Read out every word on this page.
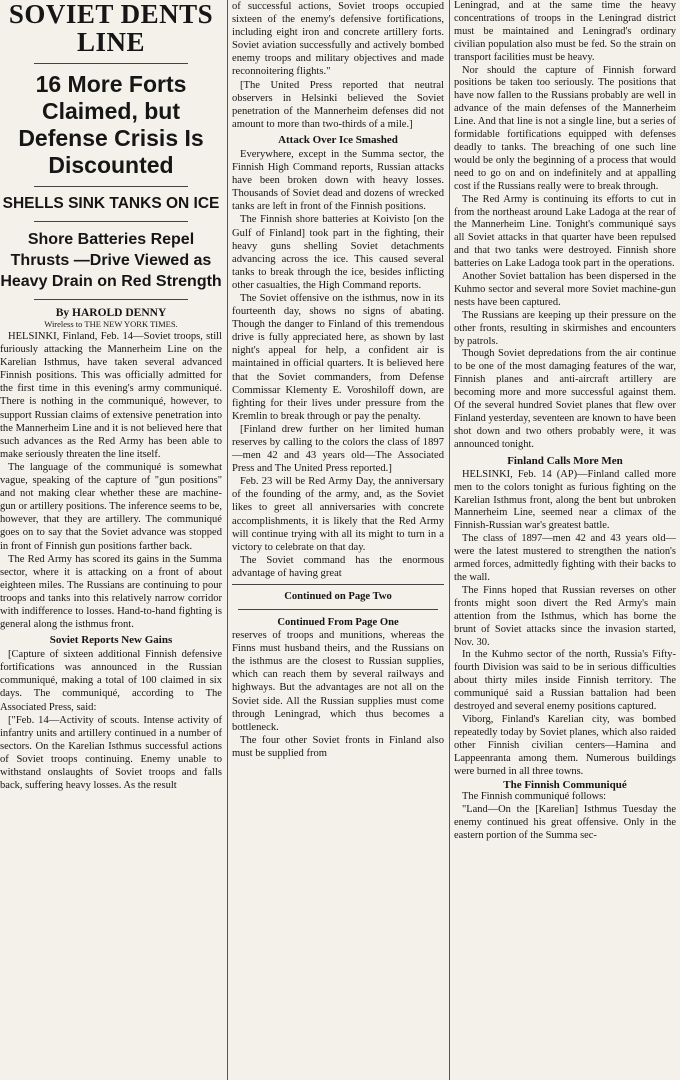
SOVIET DENTS LINE
16 More Forts Claimed, but Defense Crisis Is Discounted
SHELLS SINK TANKS ON ICE
Shore Batteries Repel Thrusts —Drive Viewed as Heavy Drain on Red Strength
By HAROLD DENNY
Wireless to THE NEW YORK TIMES.

HELSINKI, Finland, Feb. 14—Soviet troops, still furiously attacking the Mannerheim Line on the Karelian Isthmus, have taken several advanced Finnish positions. This was officially admitted for the first time in this evening's army communiqué. There is nothing in the communiqué, however, to support Russian claims of extensive penetration into the Mannerheim Line and it is not believed here that such advances as the Red Army has been able to make seriously threaten the line itself.

The language of the communiqué is somewhat vague, speaking of the capture of "gun positions" and not making clear whether these are machine-gun or artillery positions. The inference seems to be, however, that they are artillery. The communiqué goes on to say that the Soviet advance was stopped in front of Finnish gun positions farther back.

The Red Army has scored its gains in the Summa sector, where it is attacking on a front of about eighteen miles. The Russians are continuing to pour troops and tanks into this relatively narrow corridor with indifference to losses. Hand-to-hand fighting is general along the isthmus front.

Soviet Reports New Gains

[Capture of sixteen additional Finnish defensive fortifications was announced in the Russian communiqué, making a total of 100 claimed in six days. The communiqué, according to The Associated Press, said:

["Feb. 14—Activity of scouts. Intense activity of infantry units and artillery continued in a number of sectors. On the Karelian Isthmus successful actions of Soviet troops continuing. Enemy unable to withstand onslaughts of Soviet troops and falls back, suffering heavy losses. As the result

of successful actions, Soviet troops occupied sixteen of the enemy's defensive fortifications, including eight iron and concrete artillery forts. Soviet aviation successfully and actively bombed enemy troops and military objectives and made reconnoitering flights."

[The United Press reported that neutral observers in Helsinki believed the Soviet penetration of the Mannerheim defenses did not amount to more than two-thirds of a mile.]

Attack Over Ice Smashed

Everywhere, except in the Summa sector, the Finnish High Command reports, Russian attacks have been broken down with heavy losses. Thousands of Soviet dead and dozens of wrecked tanks are left in front of the Finnish positions.

The Finnish shore batteries at Koivisto [on the Gulf of Finland] took part in the fighting, their heavy guns shelling Soviet detachments advancing across the ice. This caused several tanks to break through the ice, besides inflicting other casualties, the High Command reports.

The Soviet offensive on the isthmus, now in its fourteenth day, shows no signs of abating. Though the danger to Finland of this tremendous drive is fully appreciated here, as shown by last night's appeal for help, a confident air is maintained in official quarters. It is believed here that the Soviet commanders, from Defense Commissar Klementy E. Voroshiloff down, are fighting for their lives under pressure from the Kremlin to break through or pay the penalty.

[Finland drew further on her limited human reserves by calling to the colors the class of 1897—men 42 and 43 years old—The Associated Press and The United Press reported.]

Feb. 23 will be Red Army Day, the anniversary of the founding of the army, and, as the Soviet likes to greet all anniversaries with concrete accomplishments, it is likely that the Red Army will continue trying with all its might to turn in a victory to celebrate on that day.

The Soviet command has the enormous advantage of having great

Continued on Page Two
Continued From Page One

reserves of troops and munitions, whereas the Finns must husband theirs, and the Russians on the isthmus are the closest to Russian supplies, which can reach them by several railways and highways. But the advantages are not all on the Soviet side. All the Russian supplies must come through Leningrad, which thus becomes a bottleneck.

The four other Soviet fronts in Finland also must be supplied from

Leningrad, and at the same time the heavy concentrations of troops in the Leningrad district must be maintained and Leningrad's ordinary civilian population also must be fed. So the strain on transport facilities must be heavy.

Nor should the capture of Finnish forward positions be taken too seriously. The positions that have now fallen to the Russians probably are well in advance of the main defenses of the Mannerheim Line. And that line is not a single line, but a series of formidable fortifications equipped with defenses deadly to tanks. The breaching of one such line would be only the beginning of a process that would need to go on and on indefinitely and at appalling cost if the Russians really were to break through.

The Red Army is continuing its efforts to cut in from the northeast around Lake Ladoga at the rear of the Mannerheim Line. Tonight's communiqué says all Soviet attacks in that quarter have been repulsed and that two tanks were destroyed. Finnish shore batteries on Lake Ladoga took part in the operations.

Another Soviet battalion has been dispersed in the Kuhmo sector and several more Soviet machine-gun nests have been captured.

The Russians are keeping up their pressure on the other fronts, resulting in skirmishes and encounters by patrols.

Though Soviet depredations from the air continue to be one of the most damaging features of the war, Finnish planes and anti-aircraft artillery are becoming more and more successful against them. Of the several hundred Soviet planes that flew over Finland yesterday, seventeen are known to have been shot down and two others probably were, it was announced tonight.

Finland Calls More Men

HELSINKI, Feb. 14 (AP)—Finland called more men to the colors tonight as furious fighting on the Karelian Isthmus front, along the bent but unbroken Mannerheim Line, seemed near a climax of the Finnish-Russian war's greatest battle.

The class of 1897—men 42 and 43 years old—were the latest mustered to strengthen the nation's armed forces, admittedly fighting with their backs to the wall.

The Finns hoped that Russian reverses on other fronts might soon divert the Red Army's main attention from the Isthmus, which has borne the brunt of Soviet attacks since the invasion started, Nov. 30.

In the Kuhmo sector of the north, Russia's Fifty-fourth Division was said to be in serious difficulties about thirty miles inside Finnish territory. The communiqué said a Russian battalion had been destroyed and several enemy positions captured.

Viborg, Finland's Karelian city, was bombed repeatedly today by Soviet planes, which also raided other Finnish civilian centers—Hamina and Lappeenranta among them. Numerous buildings were burned in all three towns.

The Finnish Communiqué

The Finnish communiqué follows:

"Land—On the [Karelian] Isthmus Tuesday the enemy continued his great offensive. Only in the eastern portion of the Summa sec-
